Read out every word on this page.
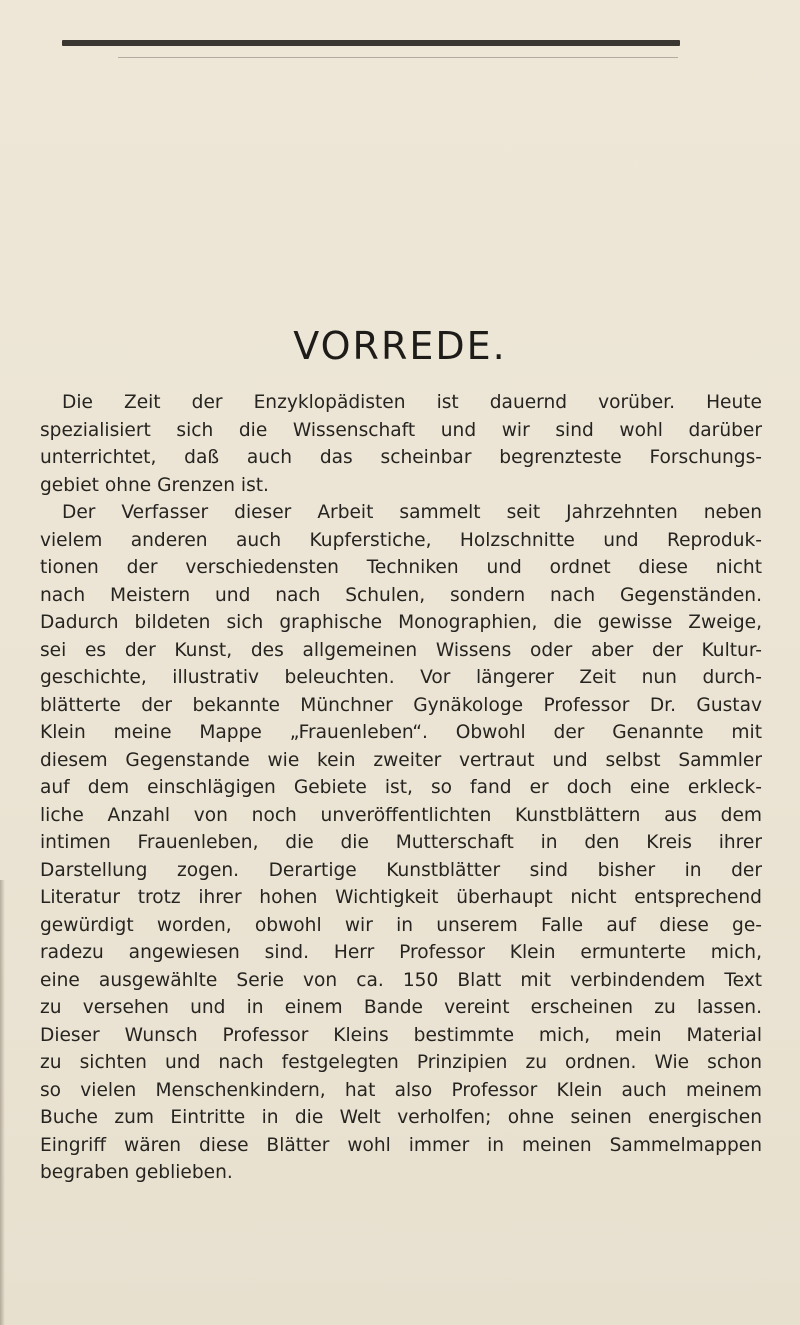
VORREDE.
Die Zeit der Enzyklopädisten ist dauernd vorüber. Heute
spezialisiert sich die Wissenschaft und wir sind wohl darüber
unterrichtet, daß auch das scheinbar begrenzteste Forschungs-
gebiet ohne Grenzen ist.
Der Verfasser dieser Arbeit sammelt seit Jahrzehnten neben
vielem anderen auch Kupferstiche, Holzschnitte und Reproduk-
tionen der verschiedensten Techniken und ordnet diese nicht
nach Meistern und nach Schulen, sondern nach Gegenständen.
Dadurch bildeten sich graphische Monographien, die gewisse Zweige,
sei es der Kunst, des allgemeinen Wissens oder aber der Kultur-
geschichte, illustrativ beleuchten. Vor längerer Zeit nun durch-
blätterte der bekannte Münchner Gynäkologe Professor Dr. Gustav
Klein meine Mappe „Frauenleben“. Obwohl der Genannte mit
diesem Gegenstande wie kein zweiter vertraut und selbst Sammler
auf dem einschlägigen Gebiete ist, so fand er doch eine erkleck-
liche Anzahl von noch unveröffentlichten Kunstblättern aus dem
intimen Frauenleben, die die Mutterschaft in den Kreis ihrer
Darstellung zogen. Derartige Kunstblätter sind bisher in der
Literatur trotz ihrer hohen Wichtigkeit überhaupt nicht entsprechend
gewürdigt worden, obwohl wir in unserem Falle auf diese ge-
radezu angewiesen sind. Herr Professor Klein ermunterte mich,
eine ausgewählte Serie von ca. 150 Blatt mit verbindendem Text
zu versehen und in einem Bande vereint erscheinen zu lassen.
Dieser Wunsch Professor Kleins bestimmte mich, mein Material
zu sichten und nach festgelegten Prinzipien zu ordnen. Wie schon
so vielen Menschenkindern, hat also Professor Klein auch meinem
Buche zum Eintritte in die Welt verholfen; ohne seinen energischen
Eingriff wären diese Blätter wohl immer in meinen Sammelmappen
begraben geblieben.
